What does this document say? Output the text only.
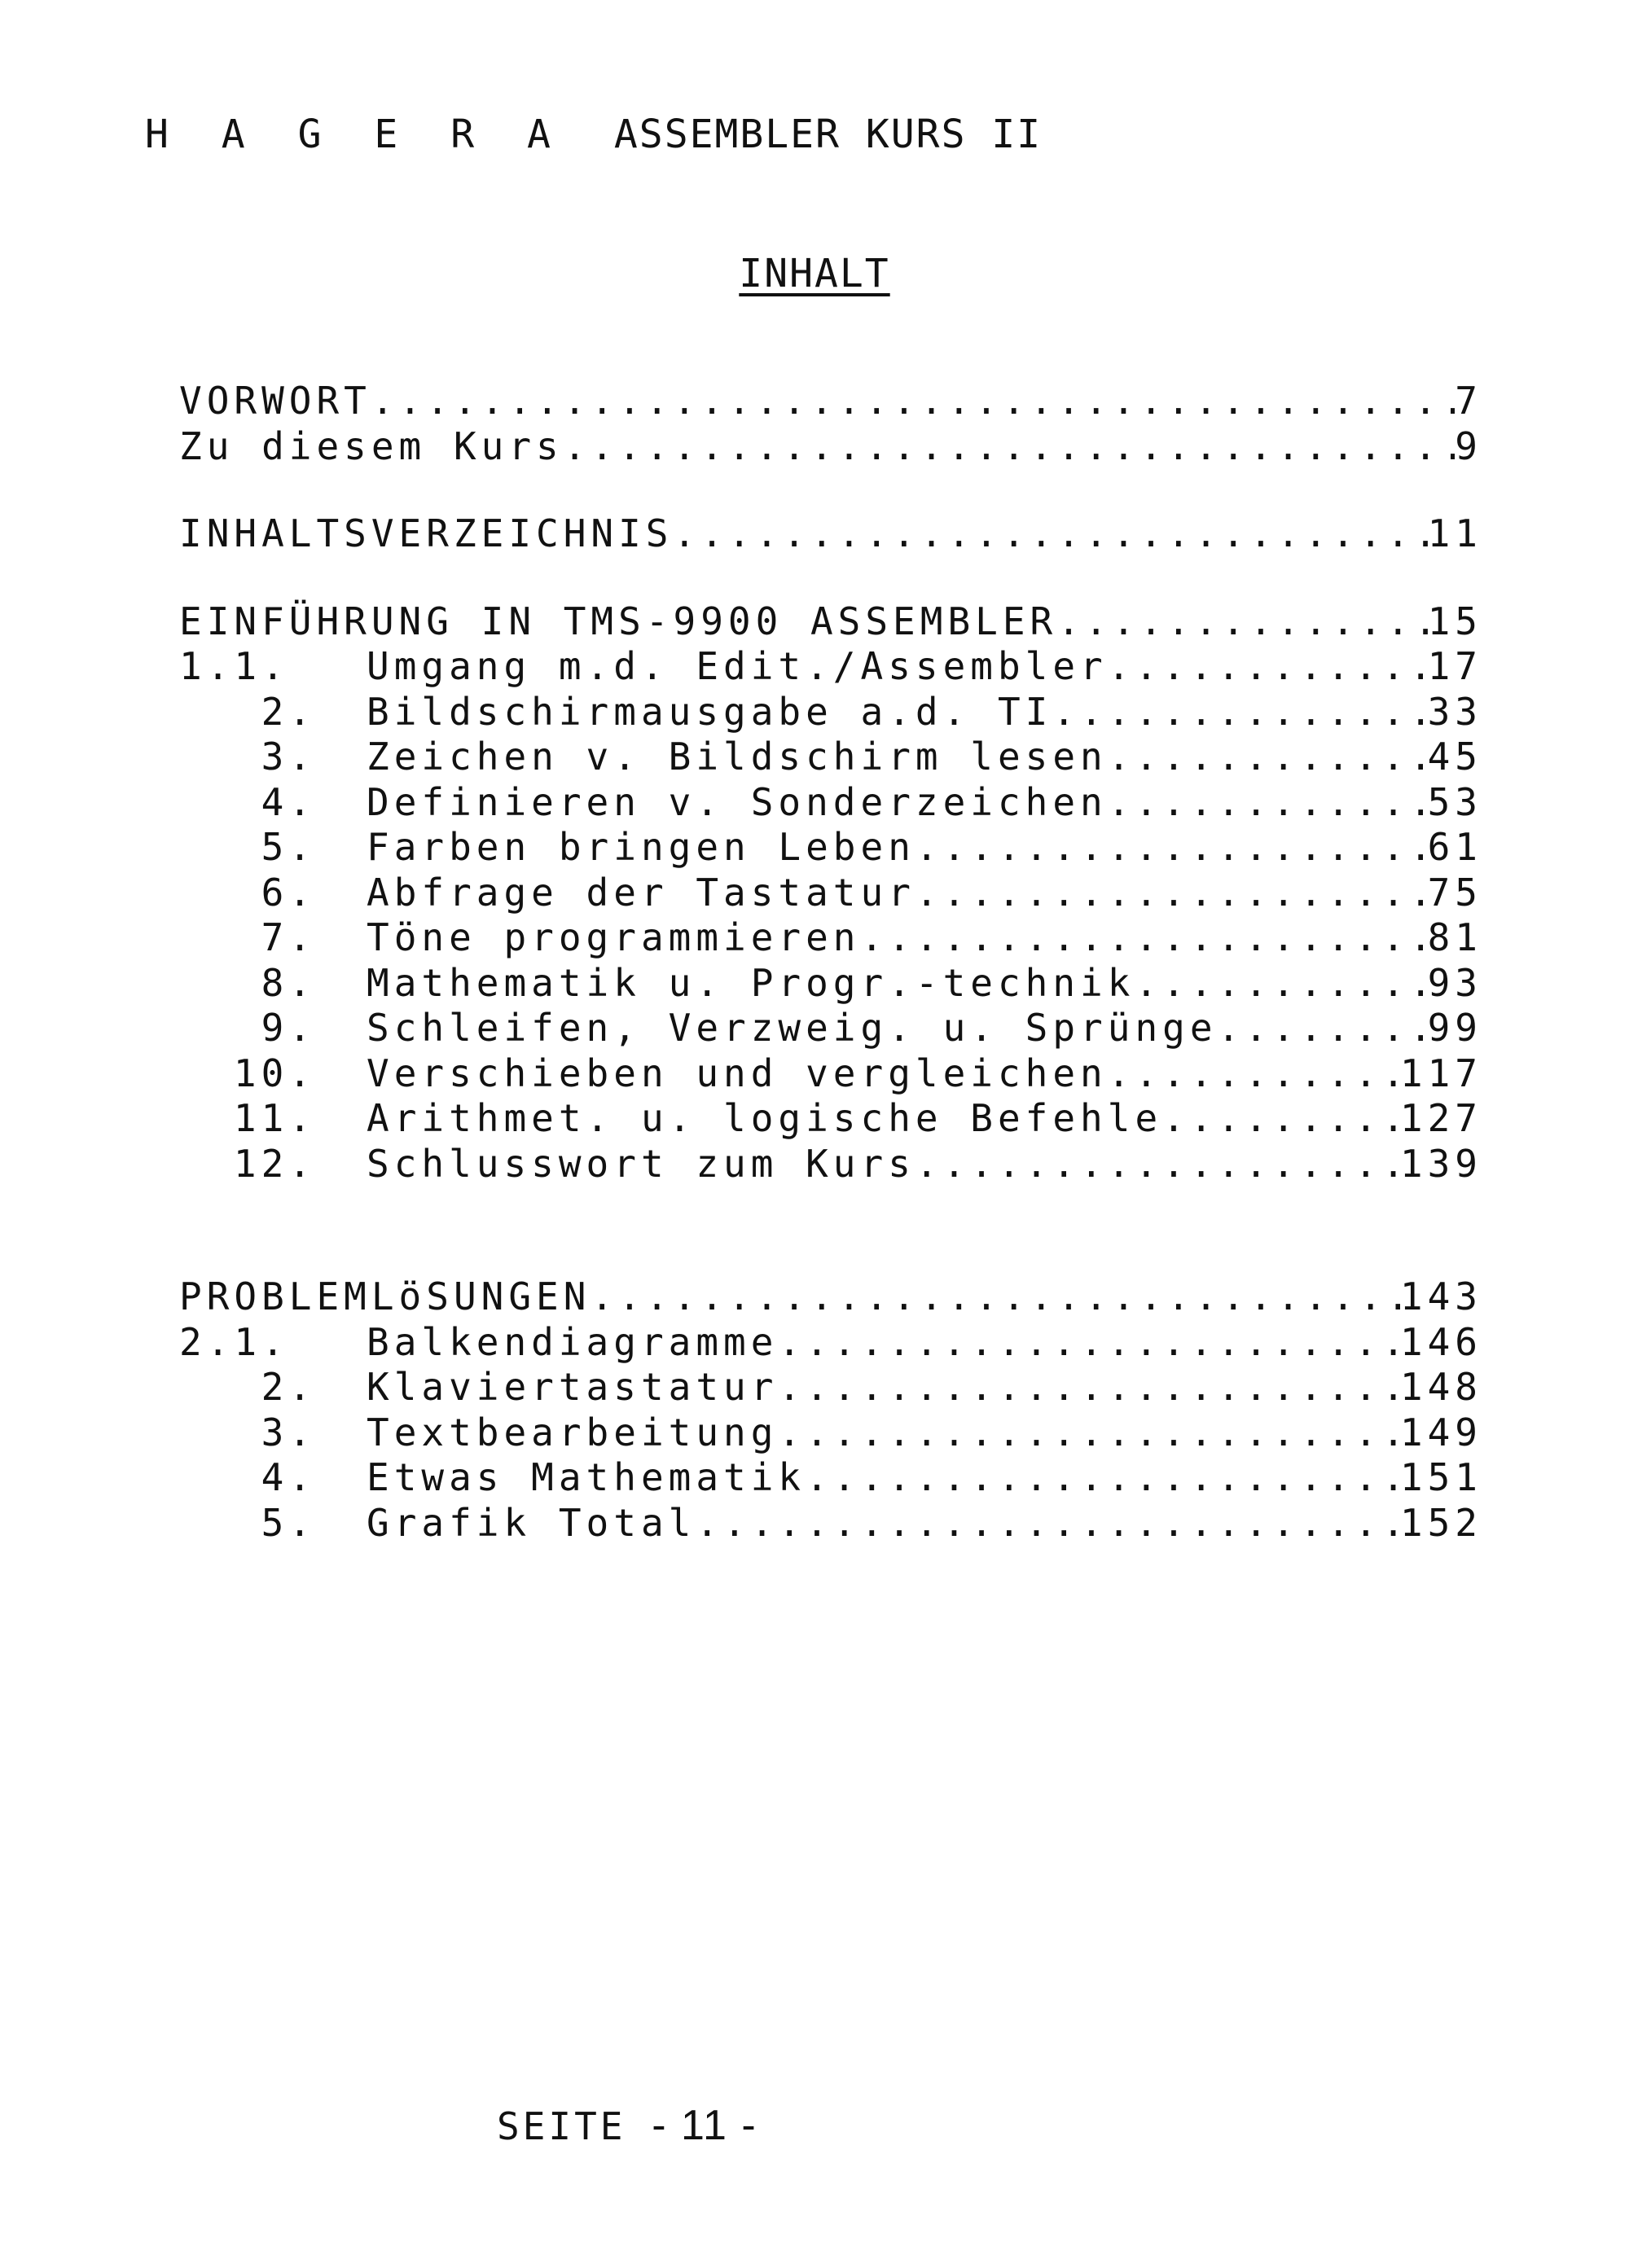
H A G E R A ASSEMBLER KURS II
INHALT
VORWORT .....	7
Zu diesem Kurs .....	9
INHALTSVERZEICHNIS .....	11
EINFÜHRUNG IN TMS-9900 ASSEMBLER .....	15
1.1.	Umgang m.d. Edit./Assembler .....	17
2.	Bildschirmausgabe a.d. TI .....	33
3.	Zeichen v. Bildschirm lesen .....	45
4.	Definieren v. Sonderzeichen .....	53
5.	Farben bringen Leben .....	61
6.	Abfrage der Tastatur .....	75
7.	Töne programmieren .....	81
8.	Mathematik u. Progr.-technik .....	93
9.	Schleifen, Verzweig. u. Sprünge .....	99
10.	Verschieben und vergleichen .....	117
11.	Arithmet. u. logische Befehle .....	127
12.	Schlusswort zum Kurs .....	139
PROBLEMLöSUNGEN .....	143
2.1.	Balkendiagramme .....	146
2.	Klaviertastatur .....	148
3.	Textbearbeitung .....	149
4.	Etwas Mathematik .....	151
5.	Grafik Total .....	152
SEITE - 11 -
